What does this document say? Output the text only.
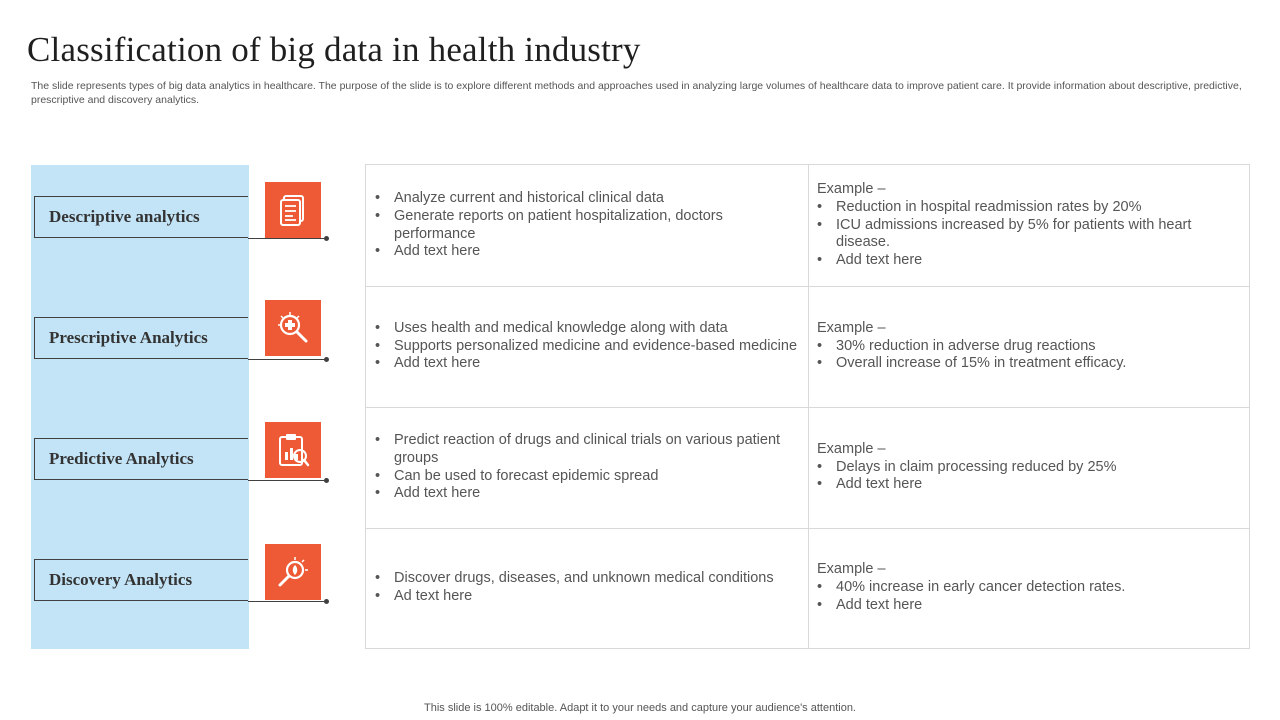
Classification of big data in health industry
The slide represents types of big data analytics in healthcare. The purpose of the slide is to explore different methods and approaches used in analyzing large volumes of healthcare data to improve patient care. It provide information about descriptive, predictive, prescriptive and discovery analytics.
Descriptive analytics
Prescriptive Analytics
Predictive Analytics
Discovery Analytics
• Analyze current and historical clinical data
• Generate reports on patient hospitalization, doctors performance
• Add text here
Example –
• Reduction in hospital readmission rates by 20%
• ICU admissions increased by 5% for patients with heart disease.
• Add text here
• Uses health and medical knowledge along with data
• Supports personalized medicine and evidence-based medicine
• Add text here
Example –
• 30% reduction in adverse drug reactions
• Overall increase of 15% in treatment efficacy.
• Predict reaction of drugs and clinical trials on various patient groups
• Can be used to forecast epidemic spread
• Add text here
Example –
• Delays in claim processing reduced by 25%
• Add text here
• Discover drugs, diseases, and unknown medical conditions
• Ad text here
Example –
• 40% increase in early cancer detection rates.
• Add text here
This slide is 100% editable. Adapt it to your needs and capture your audience's attention.
